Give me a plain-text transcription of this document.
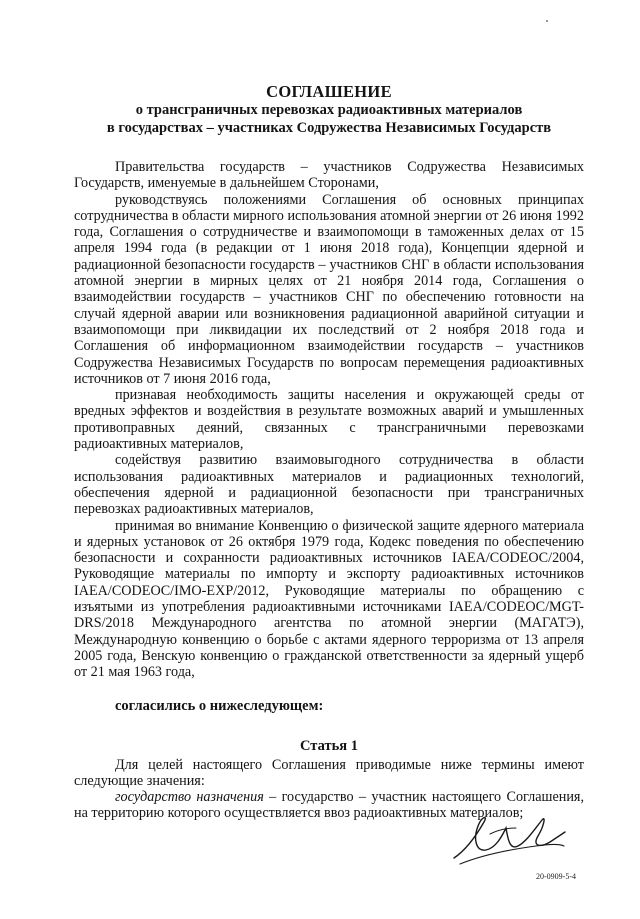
СОГЛАШЕНИЕ
о трансграничных перевозках радиоактивных материалов
в государствах – участниках Содружества Независимых Государств

Правительства государств – участников Содружества Независимых Государств, именуемые в дальнейшем Сторонами,

руководствуясь положениями Соглашения об основных принципах сотрудничества в области мирного использования атомной энергии от 26 июня 1992 года, Соглашения о сотрудничестве и взаимопомощи в таможенных делах от 15 апреля 1994 года (в редакции от 1 июня 2018 года), Концепции ядерной и радиационной безопасности государств – участников СНГ в области использования атомной энергии в мирных целях от 21 ноября 2014 года, Соглашения о взаимодействии государств – участников СНГ по обеспечению готовности на случай ядерной аварии или возникновения радиационной аварийной ситуации и взаимопомощи при ликвидации их последствий от 2 ноября 2018 года и Соглашения об информационном взаимодействии государств – участников Содружества Независимых Государств по вопросам перемещения радиоактивных источников от 7 июня 2016 года,

признавая необходимость защиты населения и окружающей среды от вредных эффектов и воздействия в результате возможных аварий и умышленных противоправных деяний, связанных с трансграничными перевозками радиоактивных материалов,

содействуя развитию взаимовыгодного сотрудничества в области использования радиоактивных материалов и радиационных технологий, обеспечения ядерной и радиационной безопасности при трансграничных перевозках радиоактивных материалов,

принимая во внимание Конвенцию о физической защите ядерного материала и ядерных установок от 26 октября 1979 года, Кодекс поведения по обеспечению безопасности и сохранности радиоактивных источников IAEA/CODEOC/2004, Руководящие материалы по импорту и экспорту радиоактивных источников IAEA/CODEOC/IMO-EXP/2012, Руководящие материалы по обращению с изъятыми из употребления радиоактивными источниками IAEA/CODEOC/MGT-DRS/2018 Международного агентства по атомной энергии (МАГАТЭ), Международную конвенцию о борьбе с актами ядерного терроризма от 13 апреля 2005 года, Венскую конвенцию о гражданской ответственности за ядерный ущерб от 21 мая 1963 года,

согласились о нижеследующем:

Статья 1

Для целей настоящего Соглашения приводимые ниже термины имеют следующие значения:

государство назначения – государство – участник настоящего Соглашения, на территорию которого осуществляется ввоз радиоактивных материалов;

20-0909-5-4
